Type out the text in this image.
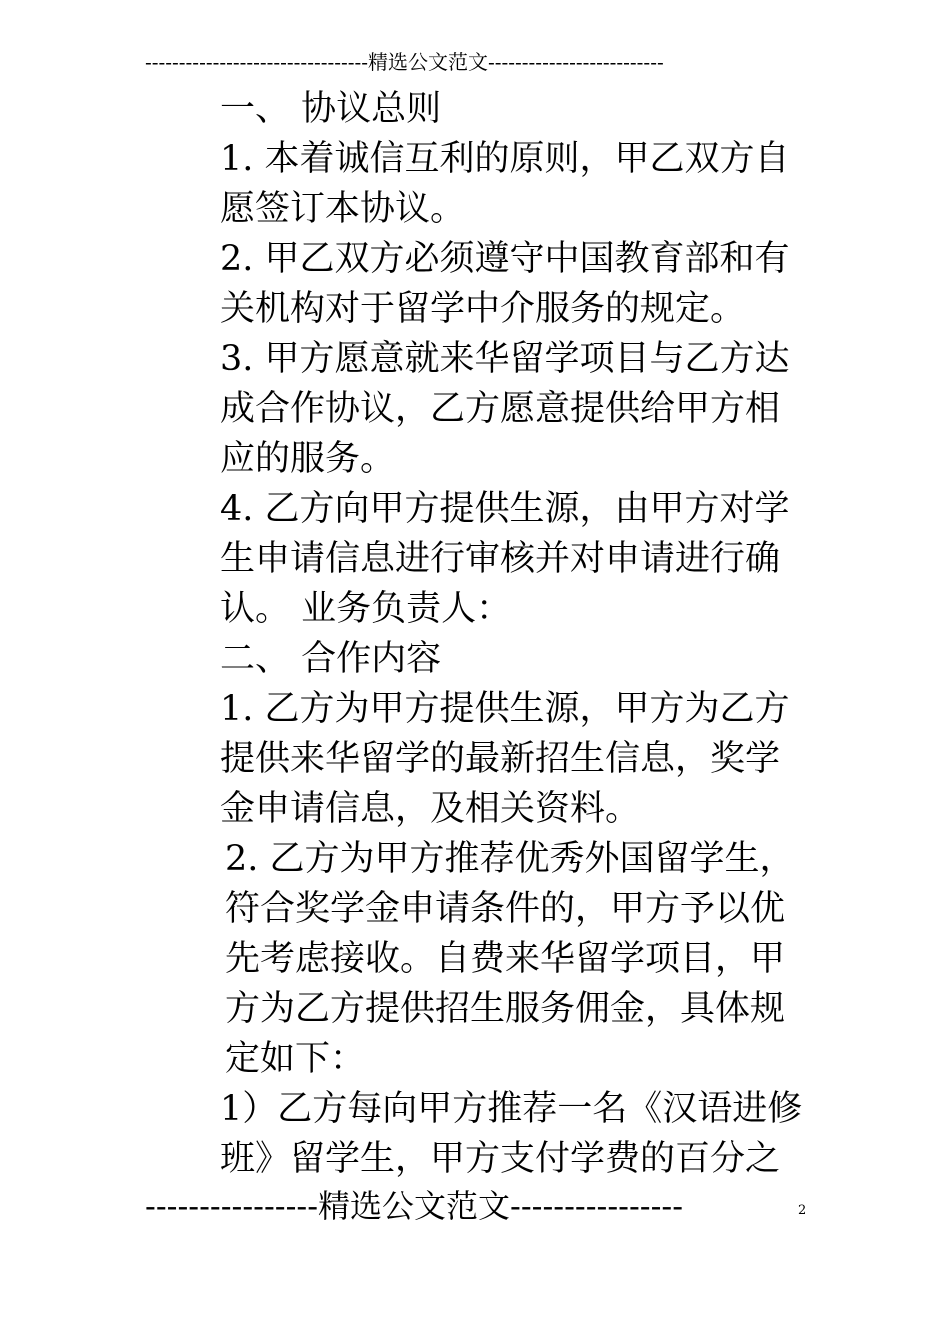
---------------------------------精选公文范文--------------------------

一、 协议总则

1. 本着诚信互利的原则，甲乙双方自愿签订本协议。

2. 甲乙双方必须遵守中国教育部和有关机构对于留学中介服务的规定。

3. 甲方愿意就来华留学项目与乙方达成合作协议，乙方愿意提供给甲方相应的服务。

4. 乙方向甲方提供生源，由甲方对学生申请信息进行审核并对申请进行确认。 业务负责人：

二、 合作内容

1. 乙方为甲方提供生源，甲方为乙方提供来华留学的最新招生信息，奖学金申请信息，及相关资料。

2. 乙方为甲方推荐优秀外国留学生，符合奖学金申请条件的，甲方予以优先考虑接收。自费来华留学项目，甲方为乙方提供招生服务佣金，具体规定如下：

1）乙方每向甲方推荐一名《汉语进修班》留学生，甲方支付学费的百分之

----------------精选公文范文----------------	2
